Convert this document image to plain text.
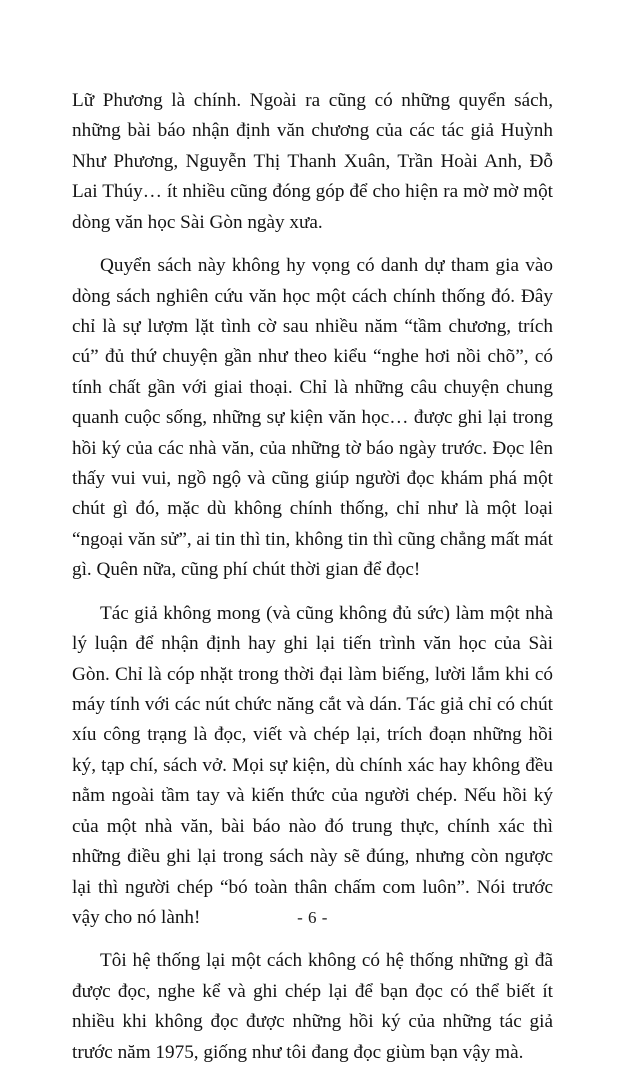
Lữ Phương là chính. Ngoài ra cũng có những quyển sách, những bài báo nhận định văn chương của các tác giả Huỳnh Như Phương, Nguyễn Thị Thanh Xuân, Trần Hoài Anh, Đỗ Lai Thúy… ít nhiều cũng đóng góp để cho hiện ra mờ mờ một dòng văn học Sài Gòn ngày xưa.

Quyển sách này không hy vọng có danh dự tham gia vào dòng sách nghiên cứu văn học một cách chính thống đó. Đây chỉ là sự lượm lặt tình cờ sau nhiều năm “tầm chương, trích cú” đủ thứ chuyện gần như theo kiểu “nghe hơi nồi chõ”, có tính chất gần với giai thoại. Chỉ là những câu chuyện chung quanh cuộc sống, những sự kiện văn học… được ghi lại trong hồi ký của các nhà văn, của những tờ báo ngày trước. Đọc lên thấy vui vui, ngồ ngộ và cũng giúp người đọc khám phá một chút gì đó, mặc dù không chính thống, chỉ như là một loại “ngoại văn sử”, ai tin thì tin, không tin thì cũng chẳng mất mát gì. Quên nữa, cũng phí chút thời gian để đọc!

Tác giả không mong (và cũng không đủ sức) làm một nhà lý luận để nhận định hay ghi lại tiến trình văn học của Sài Gòn. Chỉ là cóp nhặt trong thời đại làm biếng, lười lắm khi có máy tính với các nút chức năng cắt và dán. Tác giả chỉ có chút xíu công trạng là đọc, viết và chép lại, trích đoạn những hồi ký, tạp chí, sách vở. Mọi sự kiện, dù chính xác hay không đều nằm ngoài tầm tay và kiến thức của người chép. Nếu hồi ký của một nhà văn, bài báo nào đó trung thực, chính xác thì những điều ghi lại trong sách này sẽ đúng, nhưng còn ngược lại thì người chép “bó toàn thân chấm com luôn”. Nói trước vậy cho nó lành!

Tôi hệ thống lại một cách không có hệ thống những gì đã được đọc, nghe kể và ghi chép lại để bạn đọc có thể biết ít nhiều khi không đọc được những hồi ký của những tác giả trước năm 1975, giống như tôi đang đọc giùm bạn vậy mà.

- 6 -
